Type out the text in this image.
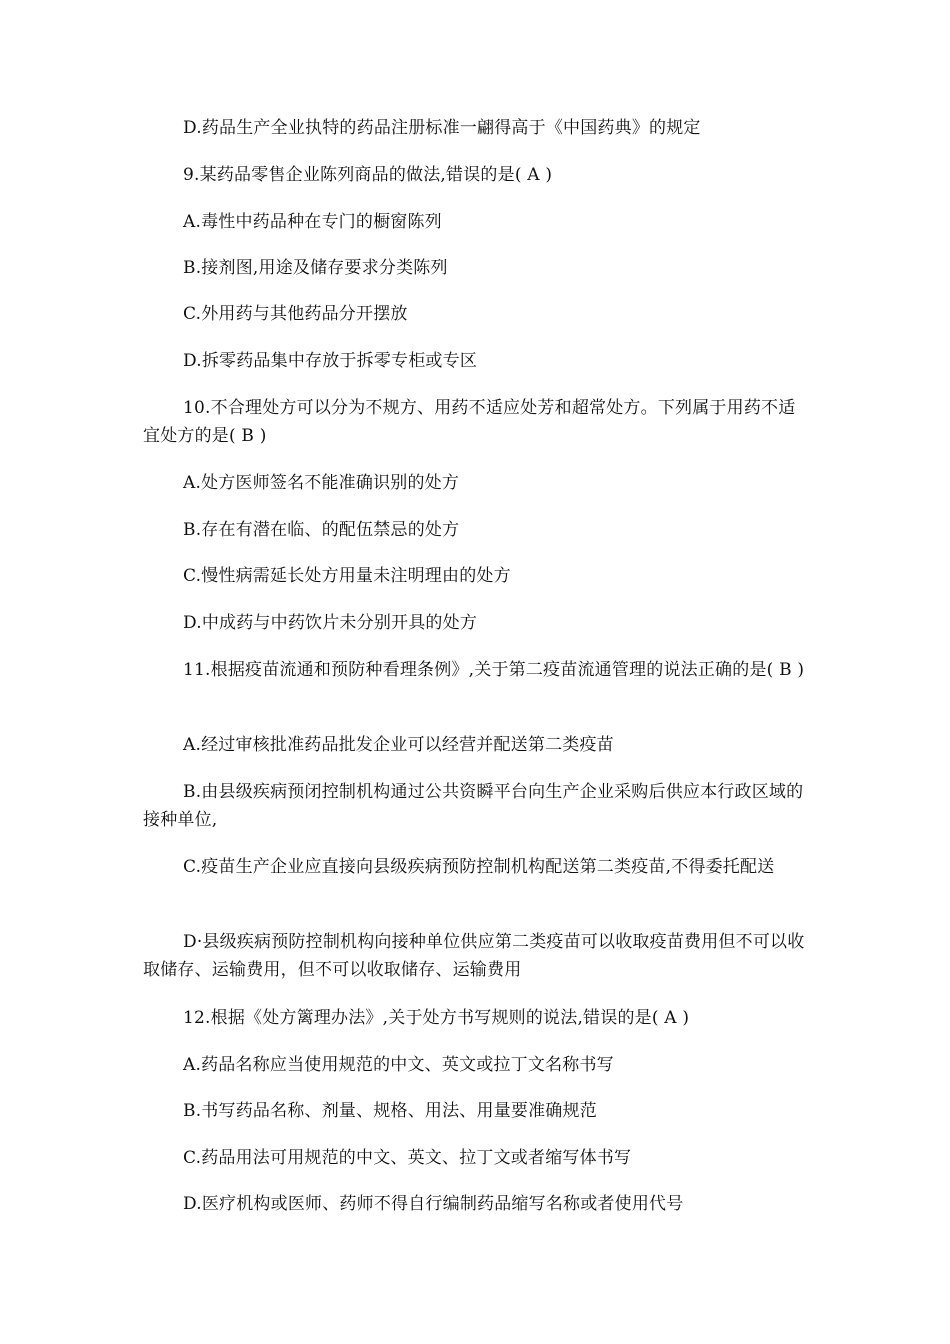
D.药品生产全业执特的药品注册标准一翩得高于《中国药典》的规定
9.某药品零售企业陈列商品的做法,错误的是( A )
A.毒性中药品种在专门的橱窗陈列
B.接剂图,用途及储存要求分类陈列
C.外用药与其他药品分开摆放
D.拆零药品集中存放于拆零专柜或专区
10.不合理处方可以分为不规方、用药不适应处芳和超常处方。下列属于用药不适宜处方的是( B )
A.处方医师签名不能准确识别的处方
B.存在有潜在临、的配伍禁忌的处方
C.慢性病需延长处方用量未注明理由的处方
D.中成药与中药饮片未分别开具的处方
11.根据疫苗流通和预防种看理条例》,关于第二疫苗流通管理的说法正确的是( B )
A.经过审核批准药品批发企业可以经营并配送第二类疫苗
B.由县级疾病预闭控制机构通过公共资瞬平台向生产企业采购后供应本行政区域的接种单位,
C.疫苗生产企业应直接向县级疾病预防控制机构配送第二类疫苗,不得委托配送
D·县级疾病预防控制机构向接种单位供应第二类疫苗可以收取疫苗费用但不可以收取储存、运输费用，但不可以收取储存、运输费用
12.根据《处方篱理办法》,关于处方书写规则的说法,错误的是( A )
A.药品名称应当使用规范的中文、英文或拉丁文名称书写
B.书写药品名称、剂量、规格、用法、用量要准确规范
C.药品用法可用规范的中文、英文、拉丁文或者缩写体书写
D.医疗机构或医师、药师不得自行编制药品缩写名称或者使用代号
